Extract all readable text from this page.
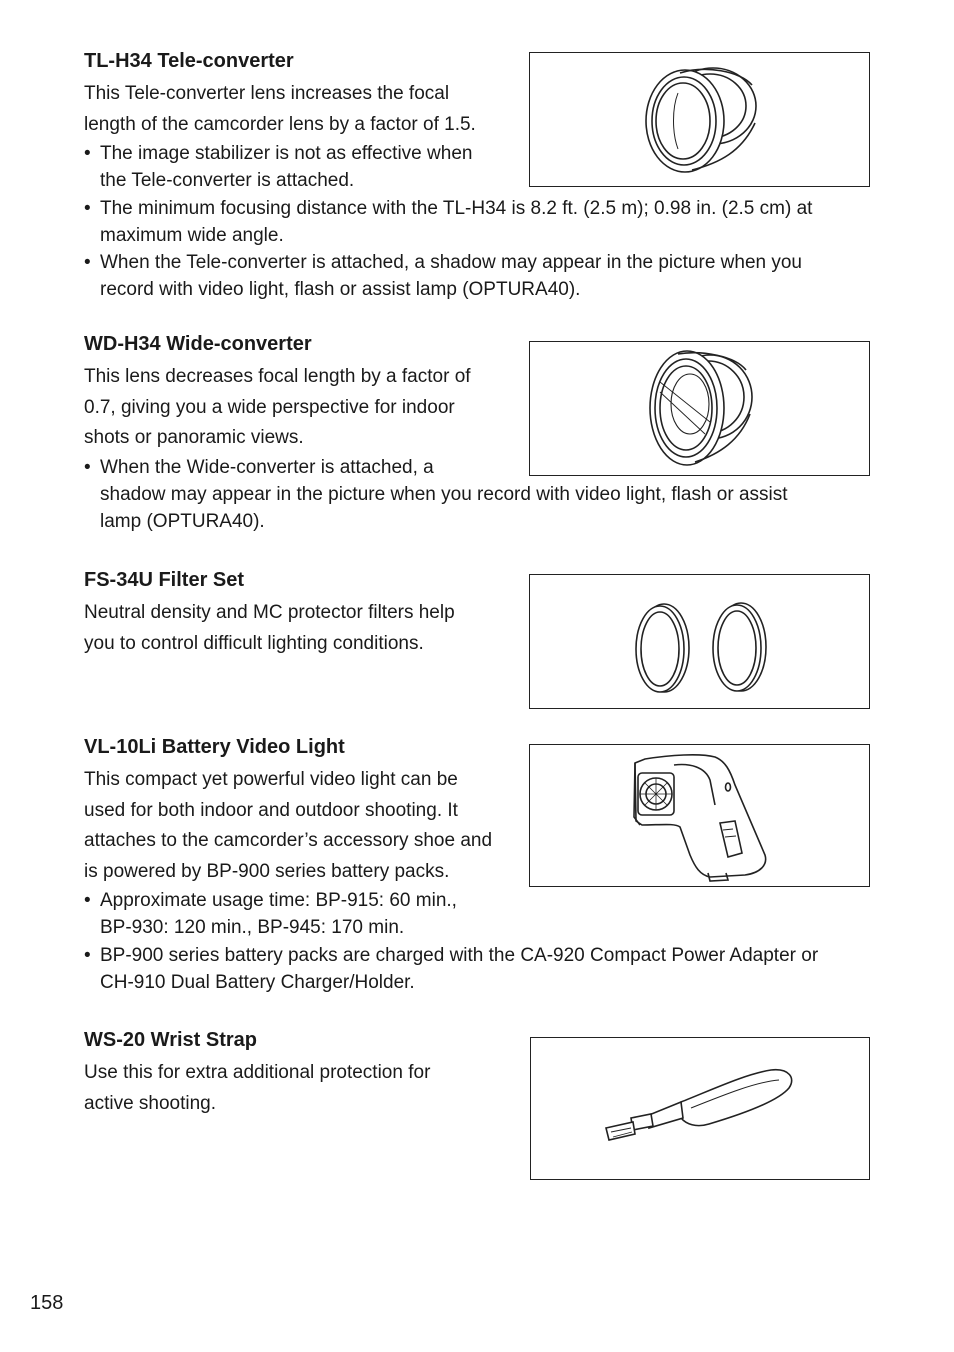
TL-H34 Tele-converter

This Tele-converter lens increases the focal

length of the camcorder lens by a factor of 1.5.

• The image stabilizer is not as effective when
the Tele-converter is attached.
• The minimum focusing distance with the TL-H34 is 8.2 ft. (2.5 m); 0.98 in. (2.5 cm) at
maximum wide angle.
• When the Tele-converter is attached, a shadow may appear in the picture when you
record with video light, flash or assist lamp (OPTURA40).
WD-H34 Wide-converter

This lens decreases focal length by a factor of

0.7, giving you a wide perspective for indoor

shots or panoramic views.

• When the Wide-converter is attached, a
shadow may appear in the picture when you record with video light, flash or assist
lamp (OPTURA40).
FS-34U Filter Set

Neutral density and MC protector filters help

you to control difficult lighting conditions.

VL-10Li Battery Video Light

This compact yet powerful video light can be

used for both indoor and outdoor shooting. It

attaches to the camcorder’s accessory shoe and

is powered by BP-900 series battery packs.

• Approximate usage time: BP-915: 60 min.,
BP-930: 120 min., BP-945: 170 min.
• BP-900 series battery packs are charged with the CA-920 Compact Power Adapter or
CH-910 Dual Battery Charger/Holder.
WS-20 Wrist Strap

Use this for extra additional protection for

active shooting.

158
